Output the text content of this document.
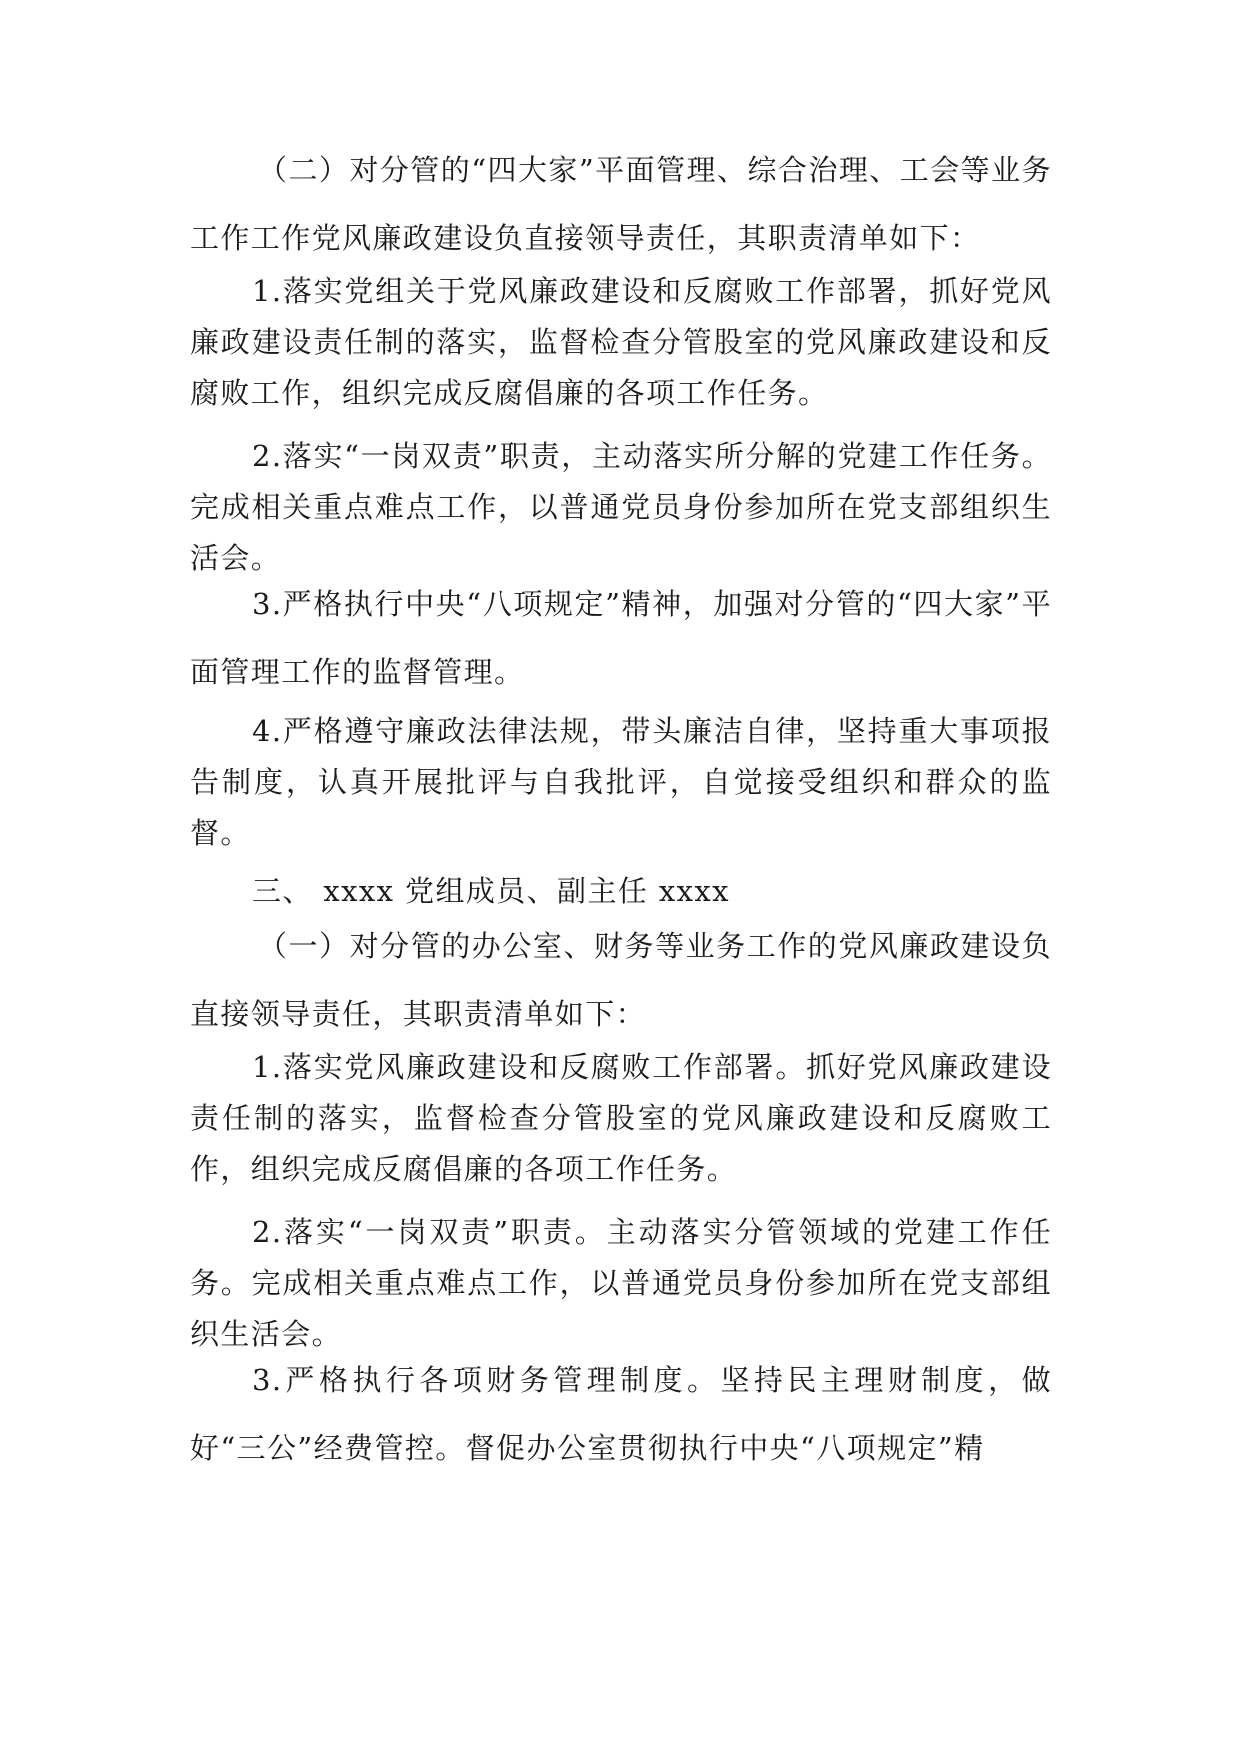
（二）对分管的“四大家”平面管理、综合治理、工会等业务工作工作党风廉政建设负直接领导责任，其职责清单如下：

1.落实党组关于党风廉政建设和反腐败工作部署，抓好党风廉政建设责任制的落实，监督检查分管股室的党风廉政建设和反腐败工作，组织完成反腐倡廉的各项工作任务。

2.落实“一岗双责”职责，主动落实所分解的党建工作任务。完成相关重点难点工作，以普通党员身份参加所在党支部组织生活会。

3.严格执行中央“八项规定”精神，加强对分管的“四大家”平面管理工作的监督管理。

4.严格遵守廉政法律法规，带头廉洁自律，坚持重大事项报告制度，认真开展批评与自我批评，自觉接受组织和群众的监督。

三、 xxxx 党组成员、副主任 xxxx

（一）对分管的办公室、财务等业务工作的党风廉政建设负直接领导责任，其职责清单如下：

1.落实党风廉政建设和反腐败工作部署。抓好党风廉政建设责任制的落实，监督检查分管股室的党风廉政建设和反腐败工作，组织完成反腐倡廉的各项工作任务。

2.落实“一岗双责”职责。主动落实分管领域的党建工作任务。完成相关重点难点工作，以普通党员身份参加所在党支部组织生活会。

3.严格执行各项财务管理制度。坚持民主理财制度，做好“三公”经费管控。督促办公室贯彻执行中央“八项规定”精
